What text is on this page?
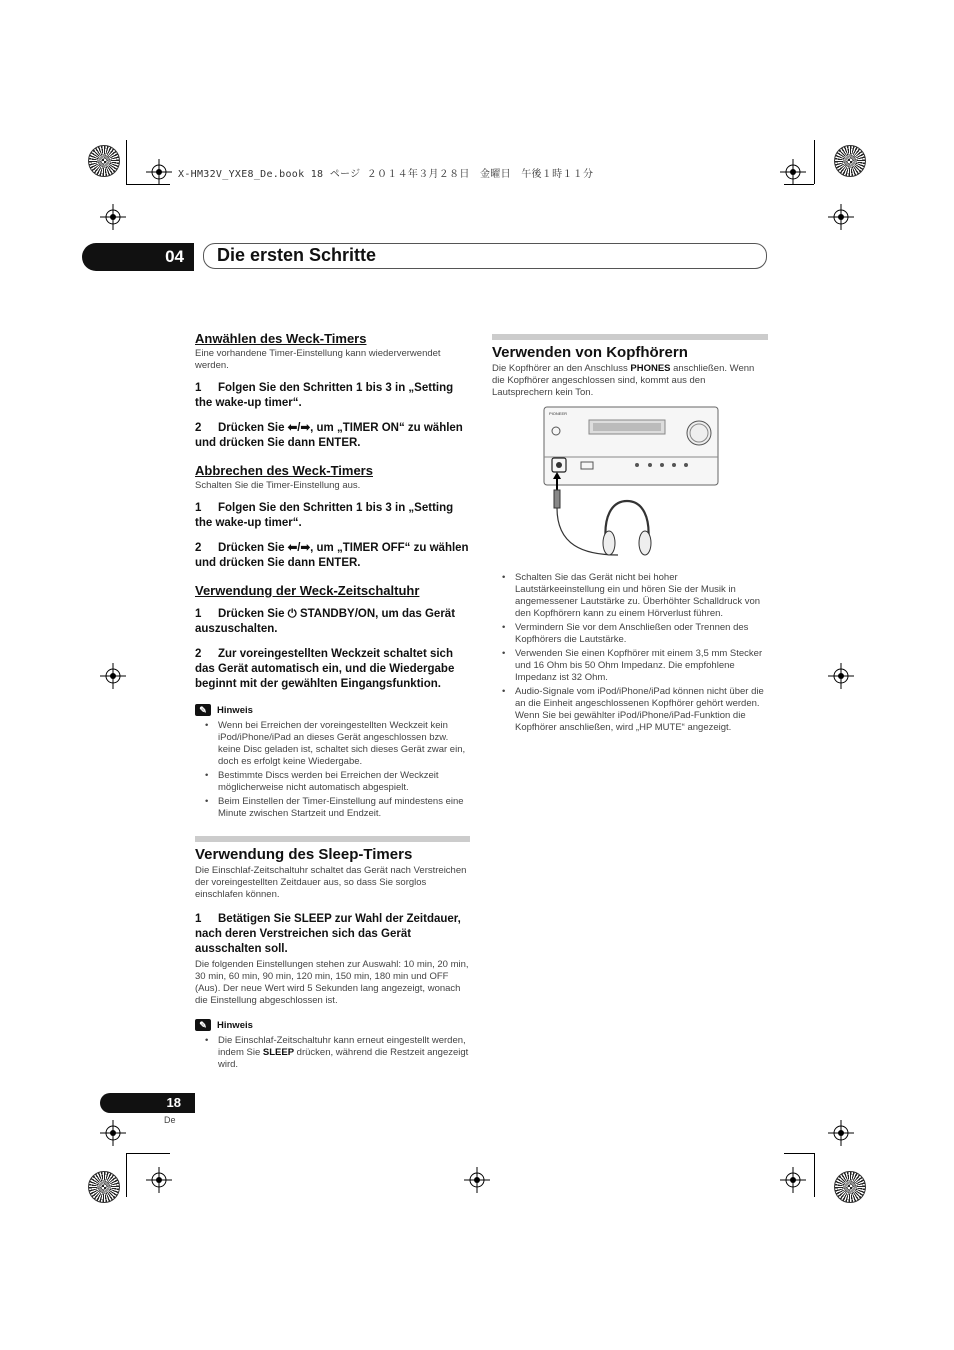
X-HM32V_YXE8_De.book 18 ページ ２０１４年３月２８日　金曜日　午後１時１１分
04	Die ersten Schritte

Anwählen des Weck-Timers

Eine vorhandene Timer-Einstellung kann wiederverwendet werden.

1 Folgen Sie den Schritten 1 bis 3 in „Setting the wake-up timer“.

2 Drücken Sie ⬅/➡, um „TIMER ON“ zu wählen und drücken Sie dann ENTER.

Abbrechen des Weck-Timers

Schalten Sie die Timer-Einstellung aus.

1 Folgen Sie den Schritten 1 bis 3 in „Setting the wake-up timer“.

2 Drücken Sie ⬅/➡, um „TIMER OFF“ zu wählen und drücken Sie dann ENTER.

Verwendung der Weck-Zeitschaltuhr

1 Drücken Sie ⏻ STANDBY/ON, um das Gerät auszuschalten.

2 Zur voreingestellten Weckzeit schaltet sich das Gerät automatisch ein, und die Wiedergabe beginnt mit der gewählten Eingangsfunktion.

✎	Hinweis
• Wenn bei Erreichen der voreingestellten Weckzeit kein iPod/iPhone/iPad an dieses Gerät angeschlossen bzw. keine Disc geladen ist, schaltet sich dieses Gerät zwar ein, doch es erfolgt keine Wiedergabe.
• Bestimmte Discs werden bei Erreichen der Weckzeit möglicherweise nicht automatisch abgespielt.
• Beim Einstellen der Timer-Einstellung auf mindestens eine Minute zwischen Startzeit und Endzeit.

Verwendung des Sleep-Timers

Die Einschlaf-Zeitschaltuhr schaltet das Gerät nach Verstreichen der voreingestellten Zeitdauer aus, so dass Sie sorglos einschlafen können.

1 Betätigen Sie SLEEP zur Wahl der Zeitdauer, nach deren Verstreichen sich das Gerät ausschalten soll.

Die folgenden Einstellungen stehen zur Auswahl: 10 min, 20 min, 30 min, 60 min, 90 min, 120 min, 150 min, 180 min und OFF (Aus). Der neue Wert wird 5 Sekunden lang angezeigt, wonach die Einstellung abgeschlossen ist.

✎	Hinweis
• Die Einschlaf-Zeitschaltuhr kann erneut eingestellt werden, indem Sie SLEEP drücken, während die Restzeit angezeigt wird.

Verwenden von Kopfhörern

Die Kopfhörer an den Anschluss PHONES anschließen. Wenn die Kopfhörer angeschlossen sind, kommt aus den Lautsprechern kein Ton.

PIONEER
• Schalten Sie das Gerät nicht bei hoher Lautstärkeeinstellung ein und hören Sie der Musik in angemessener Lautstärke zu. Überhöhter Schalldruck von den Kopfhörern kann zu einem Hörverlust führen.
• Vermindern Sie vor dem Anschließen oder Trennen des Kopfhörers die Lautstärke.
• Verwenden Sie einen Kopfhörer mit einem 3,5 mm Stecker und 16 Ohm bis 50 Ohm Impedanz. Die empfohlene Impedanz ist 32 Ohm.
• Audio-Signale vom iPod/iPhone/iPad können nicht über die an die Einheit angeschlossenen Kopfhörer gehört werden. Wenn Sie bei gewählter iPod/iPhone/iPad-Funktion die Kopfhörer anschließen, wird „HP MUTE“ angezeigt.
18
De
